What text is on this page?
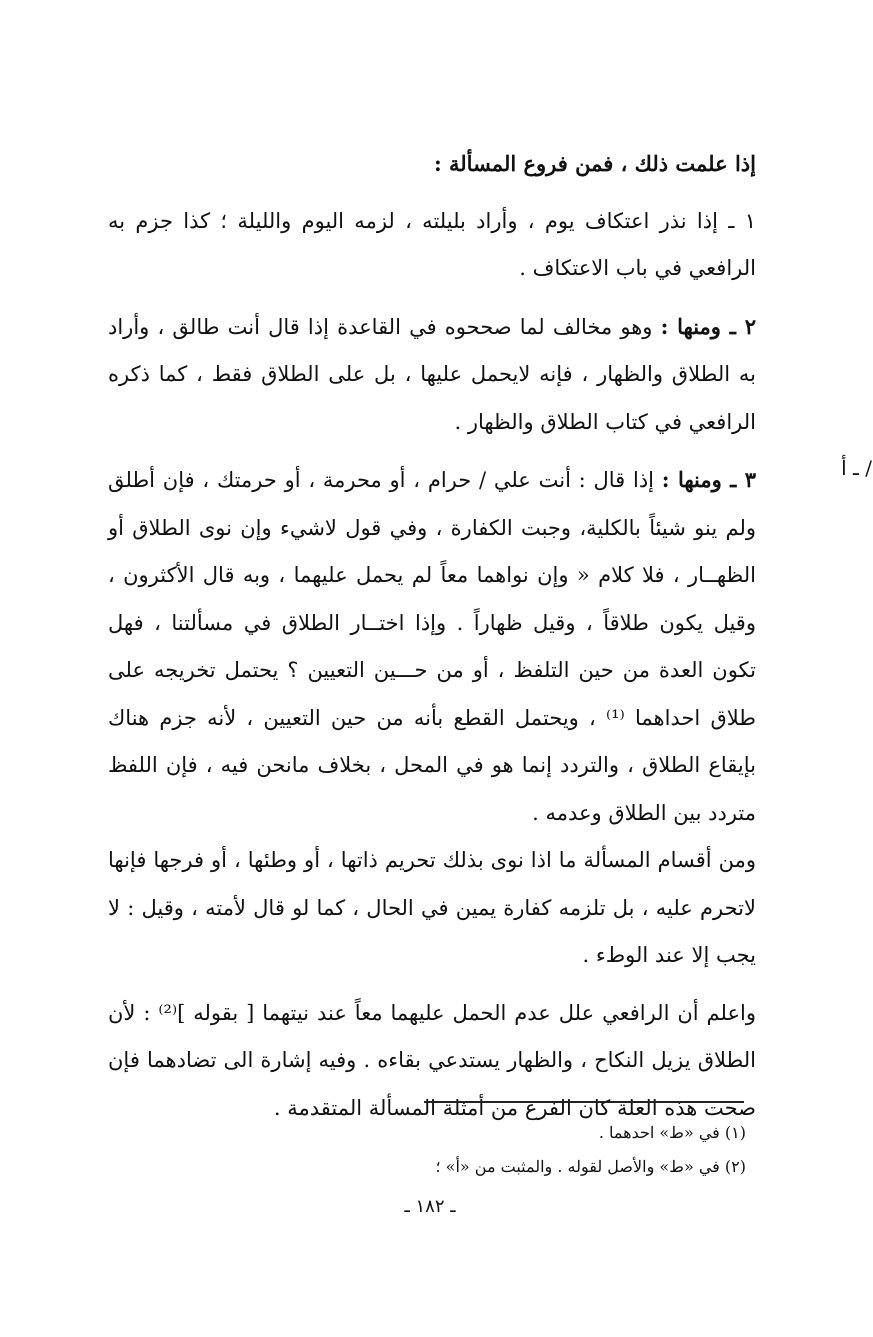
إذا علمت ذلك ، فمن فروع المسألة :

١ ـ إذا نذر اعتكاف يوم ، وأراد بليلته ، لزمه اليوم والليلة ؛ كذا جزم به الرافعي في باب الاعتكاف .

٢ ـ ومنها : وهو مخالف لما صححوه في القاعدة إذا قال أنت طالق ، وأراد به الطلاق والظهار ، فإنه لايحمل عليها ، بل على الطلاق فقط ، كما ذكره الرافعي في كتاب الطلاق والظهار .

٣ ـ ومنها : إذا قال : أنت علي / حرام ، أو محرمة ، أو حرمتك ، فإن أطلق ولم ينو شيئاً بالكلية، وجبت الكفارة ، وفي قول لاشيء وإن نوى الطلاق أو الظهــار ، فلا كلام « وإن نواهما معاً لم يحمل عليهما ، وبه قال الأكثرون ، وقيل يكون طلاقاً ، وقيل ظهاراً . وإذا اختــار الطلاق في مسألتنا ، فهل تكون العدة من حين التلفظ ، أو من حـــين التعيين ؟ يحتمل تخريجه على طلاق احداهما ⁽¹⁾ ، ويحتمل القطع بأنه من حين التعيين ، لأنه جزم هناك بإيقاع الطلاق ، والتردد إنما هو في المحل ، بخلاف مانحن فيه ، فإن اللفظ متردد بين الطلاق وعدمه .

ومن أقسام المسألة ما اذا نوى بذلك تحريم ذاتها ، أو وطئها ، أو فرجها فإنها لاتحرم عليه ، بل تلزمه كفارة يمين في الحال ، كما لو قال لأمته ، وقيل : لا يجب إلا عند الوطء .

واعلم أن الرافعي علل عدم الحمل عليهما معاً عند نيتهما [ بقوله ]⁽²⁾ : لأن الطلاق يزيل النكاح ، والظهار يستدعي بقاءه . وفيه إشارة الى تضادهما فإن صحت هذه العلة كان الفرع من أمثلة المسألة المتقدمة .

/ ـ أ

(١) في «ط» احدهما .

(٢) في «ط» والأصل لقوله . والمثبت من «أ» ؛

ـ ١٨٢ ـ
